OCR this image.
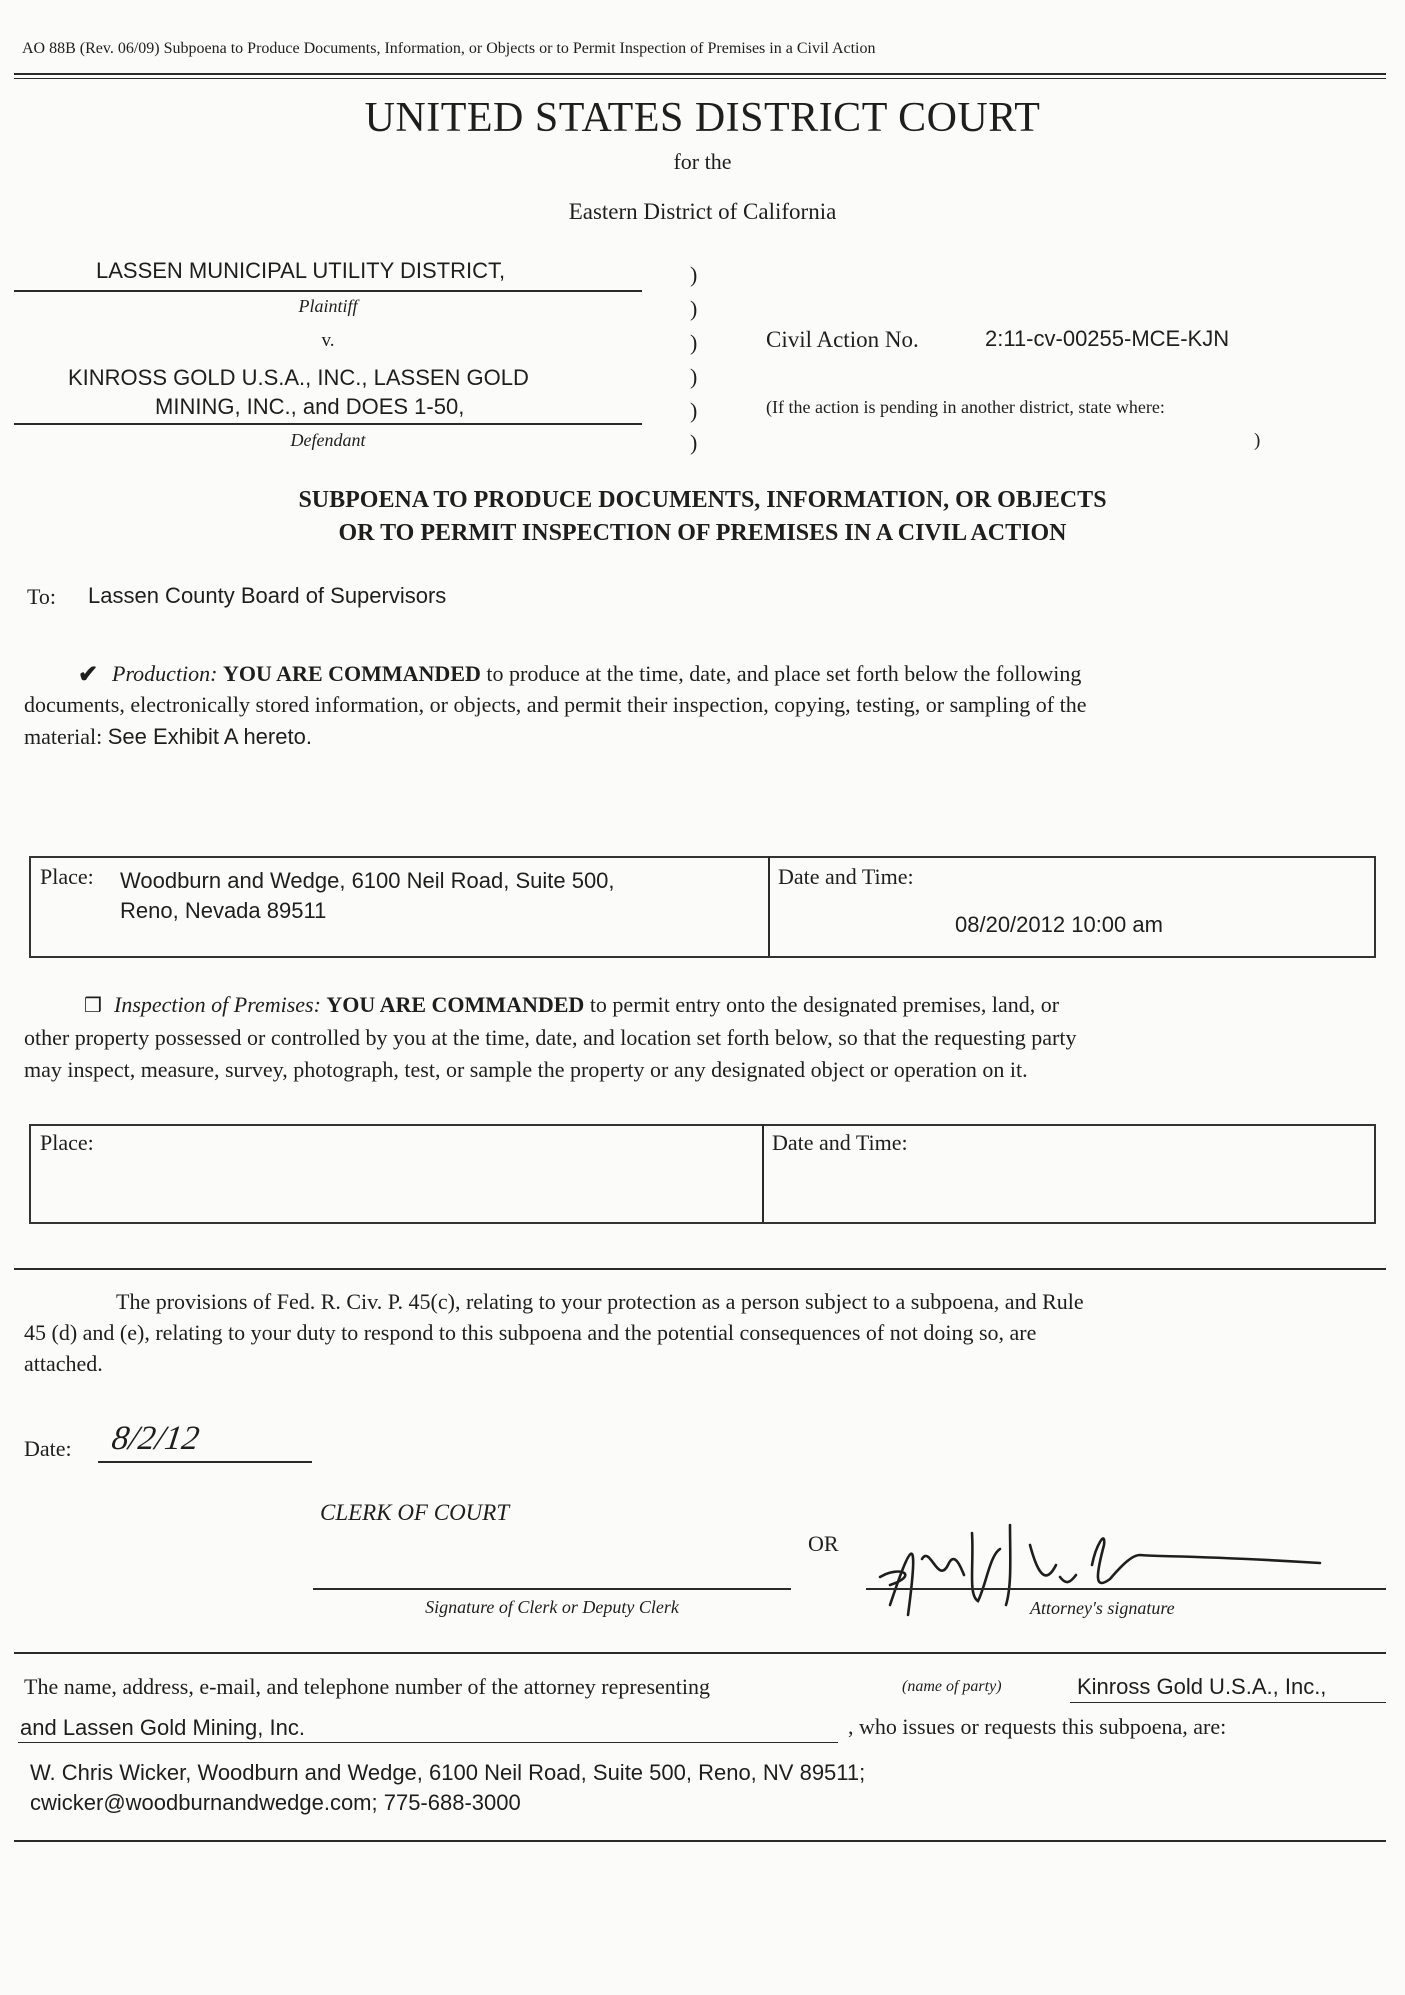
AO 88B (Rev. 06/09) Subpoena to Produce Documents, Information, or Objects or to Permit Inspection of Premises in a Civil Action
UNITED STATES DISTRICT COURT
for the
Eastern District of California
LASSEN MUNICIPAL UTILITY DISTRICT,
Plaintiff
v.
KINROSS GOLD U.S.A., INC., LASSEN GOLD
MINING, INC., and DOES 1-50,
Defendant
)
)
)
)
)
)
Civil Action No.	2:11-cv-00255-MCE-KJN
(If the action is pending in another district, state where:
)
SUBPOENA TO PRODUCE DOCUMENTS, INFORMATION, OR OBJECTS
OR TO PERMIT INSPECTION OF PREMISES IN A CIVIL ACTION
To: Lassen County Board of Supervisors
✔ Production: YOU ARE COMMANDED to produce at the time, date, and place set forth below the following
documents, electronically stored information, or objects, and permit their inspection, copying, testing, or sampling of the
material: See Exhibit A hereto.
Place: Woodburn and Wedge, 6100 Neil Road, Suite 500,
Reno, Nevada 89511
Date and Time:
08/20/2012 10:00 am
❒ Inspection of Premises: YOU ARE COMMANDED to permit entry onto the designated premises, land, or
other property possessed or controlled by you at the time, date, and location set forth below, so that the requesting party
may inspect, measure, survey, photograph, test, or sample the property or any designated object or operation on it.
Place:	Date and Time:
The provisions of Fed. R. Civ. P. 45(c), relating to your protection as a person subject to a subpoena, and Rule
45 (d) and (e), relating to your duty to respond to this subpoena and the potential consequences of not doing so, are
attached.
Date: 8/2/12
CLERK OF COURT
OR
Signature of Clerk or Deputy Clerk	Attorney's signature
The name, address, e-mail, and telephone number of the attorney representing	(name of party)	Kinross Gold U.S.A., Inc.,
and Lassen Gold Mining, Inc.	, who issues or requests this subpoena, are:
W. Chris Wicker, Woodburn and Wedge, 6100 Neil Road, Suite 500, Reno, NV 89511;
cwicker@woodburnandwedge.com; 775-688-3000
